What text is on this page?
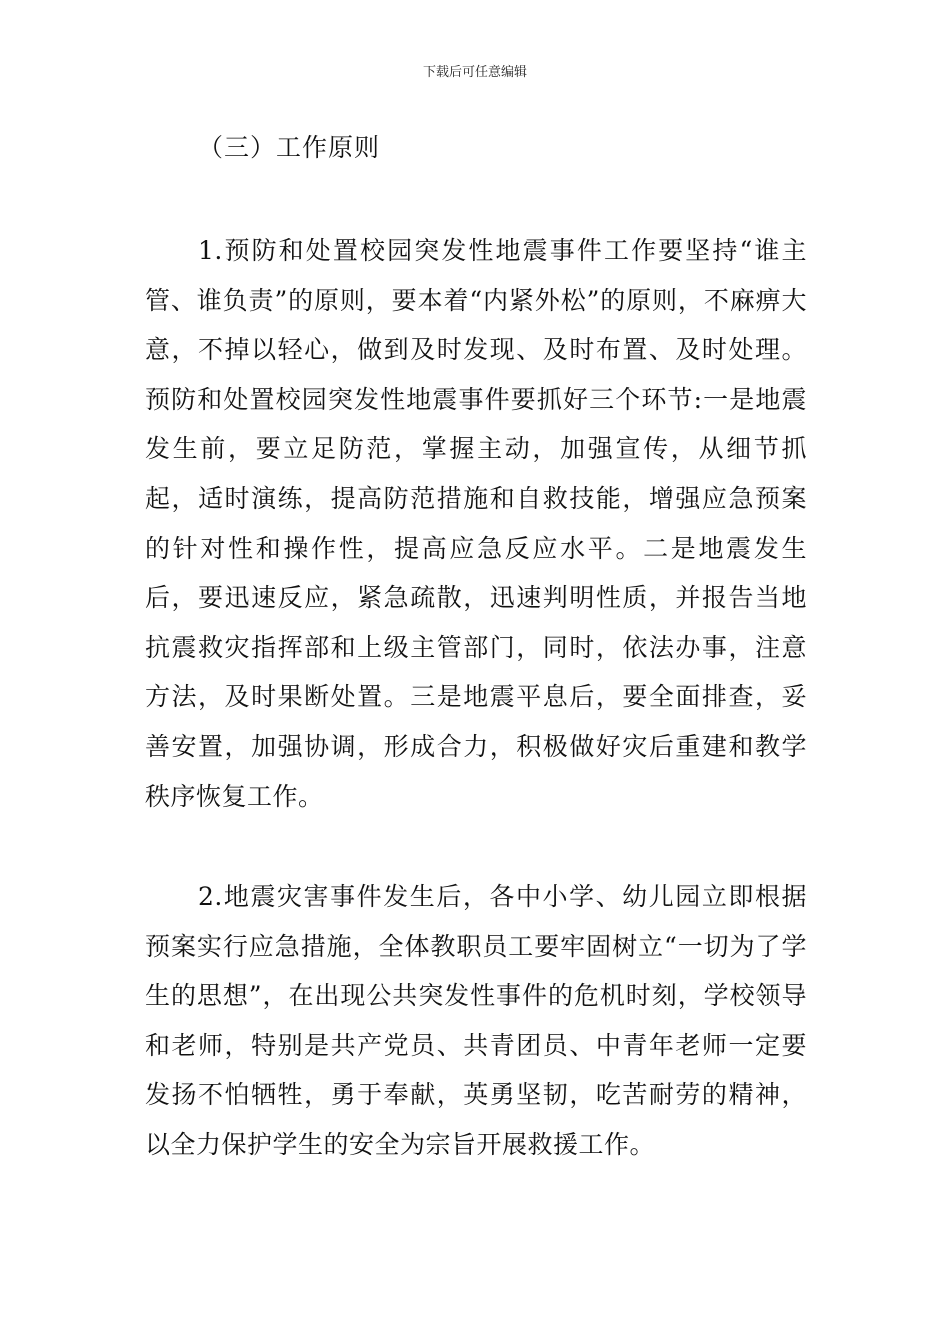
下载后可任意编辑
（三）工作原则

1.预防和处置校园突发性地震事件工作要坚持“谁主管、谁负责”的原则，要本着“内紧外松”的原则，不麻痹大意，不掉以轻心，做到及时发现、及时布置、及时处理。预防和处置校园突发性地震事件要抓好三个环节:一是地震发生前，要立足防范，掌握主动，加强宣传，从细节抓起，适时演练，提高防范措施和自救技能，增强应急预案的针对性和操作性，提高应急反应水平。二是地震发生后，要迅速反应，紧急疏散，迅速判明性质，并报告当地抗震救灾指挥部和上级主管部门，同时，依法办事，注意方法，及时果断处置。三是地震平息后，要全面排查，妥善安置，加强协调，形成合力，积极做好灾后重建和教学秩序恢复工作。

2.地震灾害事件发生后，各中小学、幼儿园立即根据预案实行应急措施，全体教职员工要牢固树立“一切为了学生的思想”，在出现公共突发性事件的危机时刻，学校领导和老师，特别是共产党员、共青团员、中青年老师一定要发扬不怕牺牲，勇于奉献，英勇坚韧，吃苦耐劳的精神，以全力保护学生的安全为宗旨开展救援工作。
